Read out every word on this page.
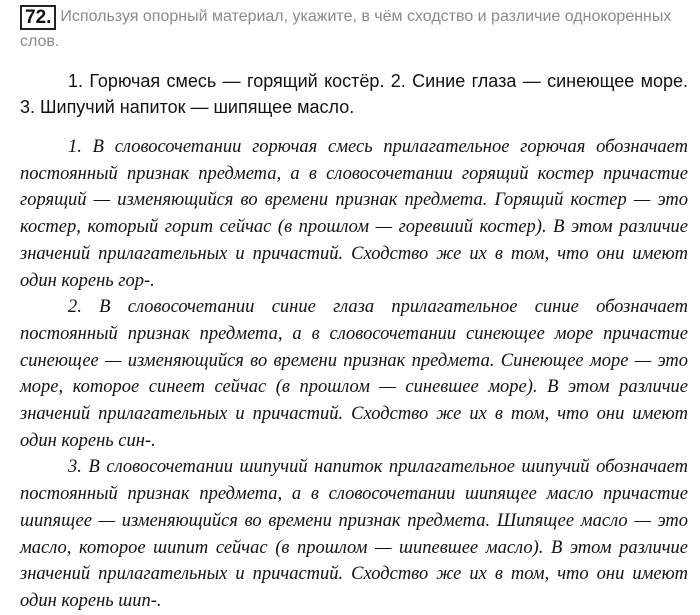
72. Используя опорный материал, укажите, в чём сходство и различие однокоренных слов.

1. Горючая смесь — горящий костёр. 2. Синие глаза — синеющее море. 3. Шипучий напиток — шипящее масло.

1. В словосочетании горючая смесь прилагательное горючая обозначает постоянный признак предмета, а в словосочетании горящий костер причастие горящий — изменяющийся во времени признак предмета. Горящий костер — это костер, который горит сейчас (в прошлом — горевший костер). В этом различие значений прилагательных и причастий. Сходство же их в том, что они имеют один корень гор-.

2. В словосочетании синие глаза прилагательное синие обозначает постоянный признак предмета, а в словосочетании синеющее море причастие синеющее — изменяющийся во времени признак предмета. Синеющее море — это море, которое синеет сейчас (в прошлом — синевшее море). В этом различие значений прилагательных и причастий. Сходство же их в том, что они имеют один корень син-.

3. В словосочетании шипучий напиток прилагательное шипучий обозначает постоянный признак предмета, а в словосочетании шипящее масло причастие шипящее — изменяющийся во времени признак предмета. Шипящее масло — это масло, которое шипит сейчас (в прошлом — шипевшее масло). В этом различие значений прилагательных и причастий. Сходство же их в том, что они имеют один корень шип-.
